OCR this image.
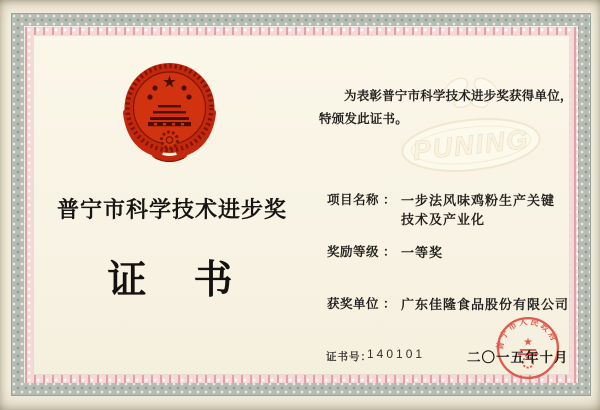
PUNING
普宁市科学技术进步奖
证　书

为表彰普宁市科学技术进步奖获得单位，特颁发此证书。

项目名称 ： 一步法风味鸡粉生产关键技术及产业化
奖励等级 ： 一等奖
获奖单位 ： 广东佳隆食品股份有限公司
普宁市人民政府
证书号：
140101	二〇一五年十月
